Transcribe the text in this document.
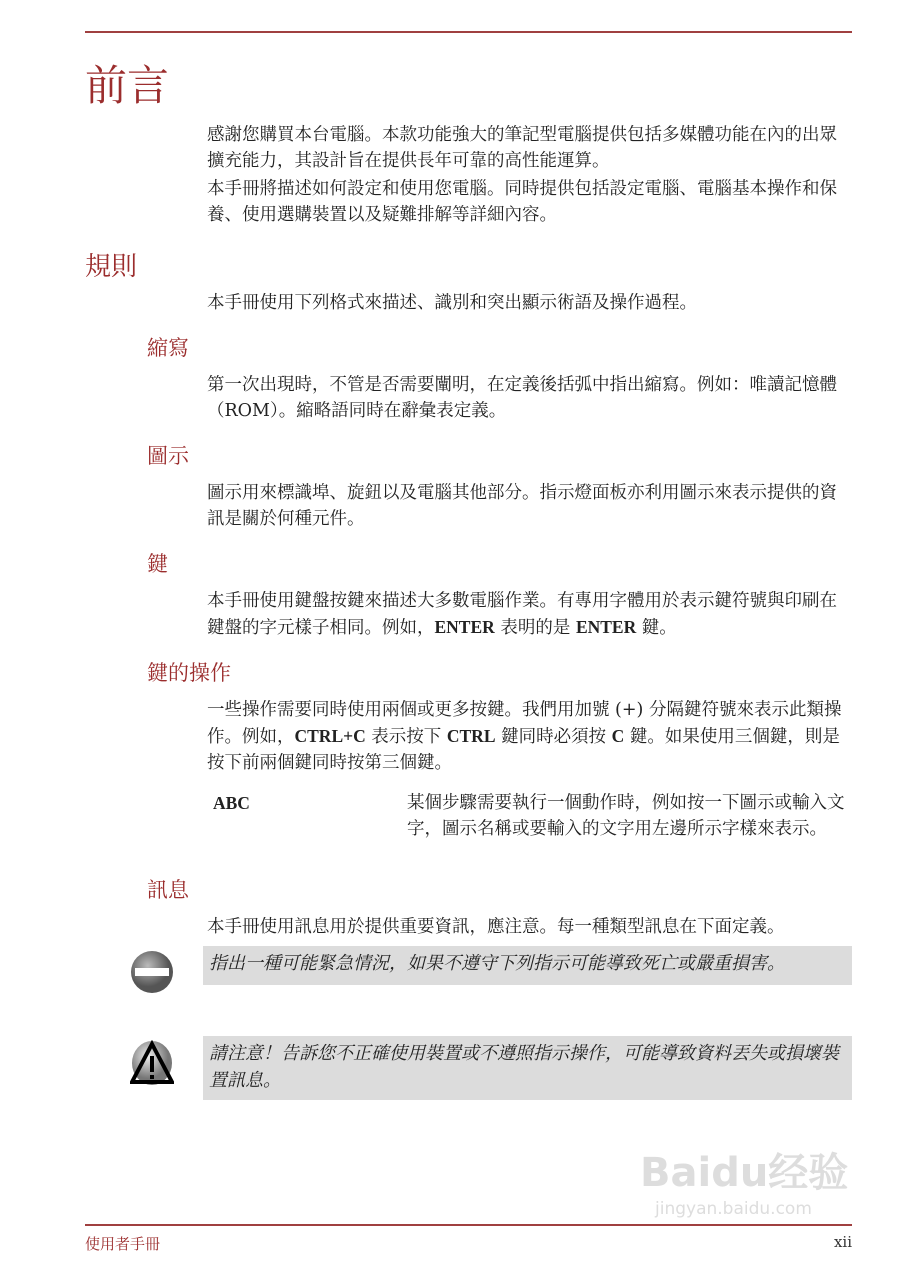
前言
感謝您購買本台電腦。本款功能強大的筆記型電腦提供包括多媒體功能在內的出眾擴充能力，其設計旨在提供長年可靠的高性能運算。
本手冊將描述如何設定和使用您電腦。同時提供包括設定電腦、電腦基本操作和保養、使用選購裝置以及疑難排解等詳細內容。
規則
本手冊使用下列格式來描述、識別和突出顯示術語及操作過程。
縮寫
第一次出現時，不管是否需要闡明，在定義後括弧中指出縮寫。例如：唯讀記憶體（ROM）。縮略語同時在辭彙表定義。
圖示
圖示用來標識埠、旋鈕以及電腦其他部分。指示燈面板亦利用圖示來表示提供的資訊是關於何種元件。
鍵
本手冊使用鍵盤按鍵來描述大多數電腦作業。有專用字體用於表示鍵符號與印刷在鍵盤的字元樣子相同。例如，ENTER 表明的是 ENTER 鍵。
鍵的操作
一些操作需要同時使用兩個或更多按鍵。我們用加號 (+) 分隔鍵符號來表示此類操作。例如，CTRL+C 表示按下 CTRL 鍵同時必須按 C 鍵。如果使用三個鍵，則是按下前兩個鍵同時按第三個鍵。
ABC	某個步驟需要執行一個動作時，例如按一下圖示或輸入文字，圖示名稱或要輸入的文字用左邊所示字樣來表示。
訊息
本手冊使用訊息用於提供重要資訊，應注意。每一種類型訊息在下面定義。
指出一種可能緊急情況，如果不遵守下列指示可能導致死亡或嚴重損害。
請注意！告訴您不正確使用裝置或不遵照指示操作，可能導致資料丟失或損壞裝置訊息。
Baidu经验
jingyan.baidu.com
使用者手冊	xii
